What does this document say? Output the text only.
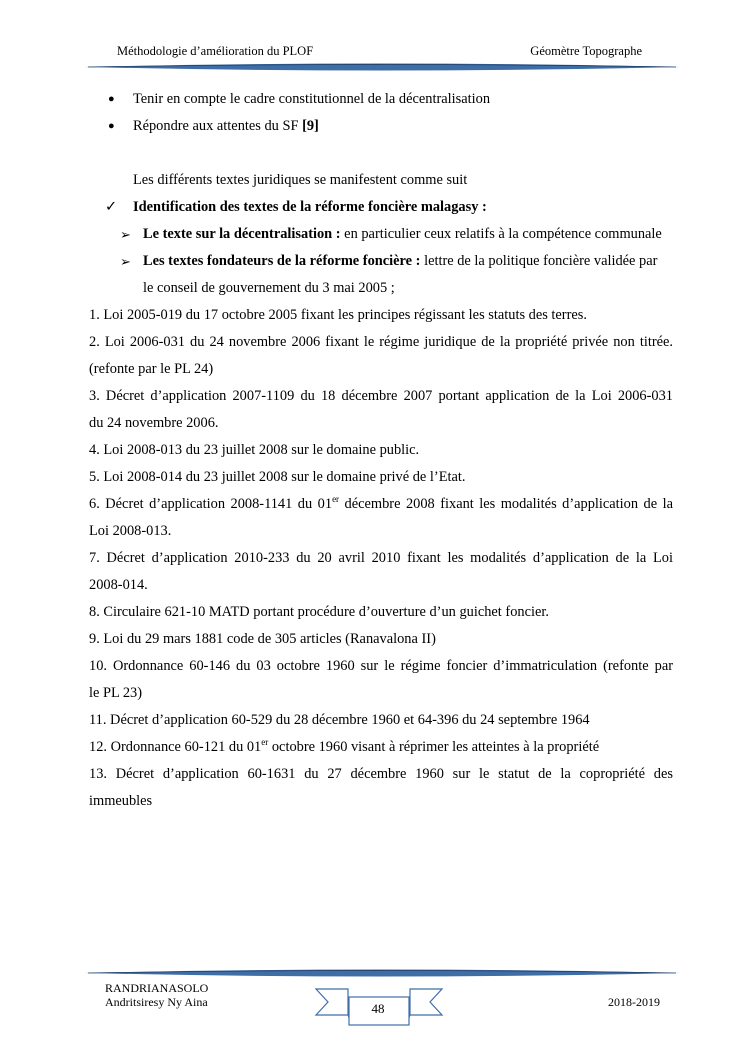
Méthodologie d’amélioration du PLOF	Géomètre Topographe
● Tenir en compte le cadre constitutionnel de la décentralisation
● Répondre aux attentes du SF [9]
Les différents textes juridiques se manifestent comme suit
✓ Identification des textes de la réforme foncière malagasy :
➢ Le texte sur la décentralisation : en particulier ceux relatifs à la compétence communale
➢ Les textes fondateurs de la réforme foncière : lettre de la politique foncière validée par
le conseil de gouvernement du 3 mai 2005 ;
1. Loi 2005-019 du 17 octobre 2005 fixant les principes régissant les statuts des terres.
2. Loi 2006-031 du 24 novembre 2006 fixant le régime juridique de la propriété privée non titrée.
(refonte par le PL 24)
3. Décret d’application 2007-1109 du 18 décembre 2007 portant application de la Loi 2006-031
du 24 novembre 2006.
4. Loi 2008-013 du 23 juillet 2008 sur le domaine public.
5. Loi 2008-014 du 23 juillet 2008 sur le domaine privé de l’Etat.
6. Décret d’application 2008-1141 du 01er décembre 2008 fixant les modalités d’application de la
Loi 2008-013.
7. Décret d’application 2010-233 du 20 avril 2010 fixant les modalités d’application de la Loi
2008-014.
8. Circulaire 621-10 MATD portant procédure d’ouverture d’un guichet foncier.
9. Loi du 29 mars 1881 code de 305 articles (Ranavalona II)
10. Ordonnance 60-146 du 03 octobre 1960 sur le régime foncier d’immatriculation (refonte par
le PL 23)
11. Décret d’application 60-529 du 28 décembre 1960 et 64-396 du 24 septembre 1964
12. Ordonnance 60-121 du 01er octobre 1960 visant à réprimer les atteintes à la propriété
13. Décret d’application 60-1631 du 27 décembre 1960 sur le statut de la copropriété des
immeubles
RANDRIANASOLO
Andritsiresy Ny Aina	48	2018-2019
